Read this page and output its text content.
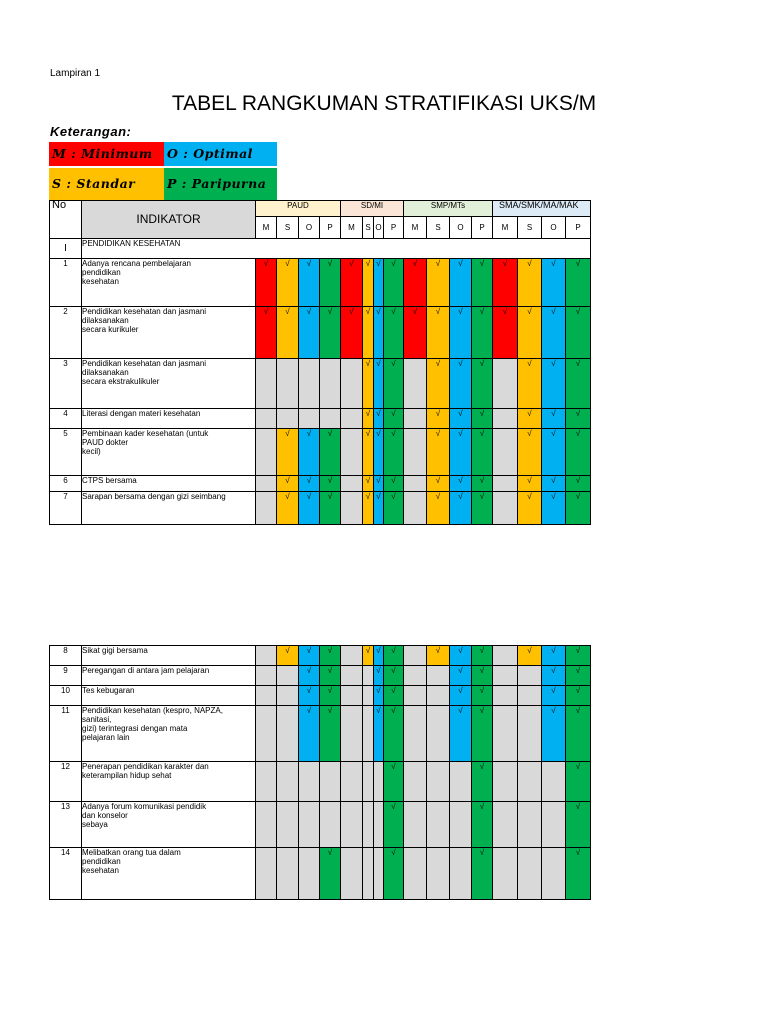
Lampiran 1
TABEL RANGKUMAN STRATIFIKASI UKS/M
Keterangan:
M : Minimum	O : Optimal
S : Standar	P : Paripurna
No	INDIKATOR	PAUD				SD/MI				SMP/MTs				SMA/SMK/MA/MAK			
		M	S	O	P	M	S	O	P	M	S	O	P	M	S	O	P
I	PENDIDIKAN KESEHATAN																
1	Adanya rencana pembelajaran
pendidikan
kesehatan	√	√	√	√	√	√	√	√	√	√	√	√	√	√	√	√
2	Pendidikan kesehatan dan jasmani
dilaksanakan
secara kurikuler	√	√	√	√	√	√	√	√	√	√	√	√	√	√	√	√
3	Pendidikan kesehatan dan jasmani
dilaksanakan
secara ekstrakulikuler						√	√	√		√	√	√		√	√	√
4	Literasi dengan materi kesehatan						√	√	√		√	√	√		√	√	√
5	Pembinaan kader kesehatan (untuk
PAUD dokter
kecil)		√	√	√		√	√	√		√	√	√		√	√	√
6	CTPS bersama		√	√	√		√	√	√		√	√	√		√	√	√
7	Sarapan bersama dengan gizi seimbang		√	√	√		√	√	√		√	√	√		√	√	√
8	Sikat gigi bersama		√	√	√		√	√	√		√	√	√		√	√	√
9	Peregangan di antara jam pelajaran			√	√			√	√			√	√			√	√
10	Tes kebugaran			√	√			√	√			√	√			√	√
11	Pendidikan kesehatan (kespro, NAPZA,
sanitasi,
gizi) terintegrasi dengan mata
pelajaran lain			√	√			√	√			√	√			√	√
12	Penerapan pendidikan karakter dan
keterampilan hidup sehat								√				√				√
13	Adanya forum komunikasi pendidik
dan konselor
sebaya								√				√				√
14	Melibatkan orang tua dalam
pendidikan
kesehatan				√				√				√				√
